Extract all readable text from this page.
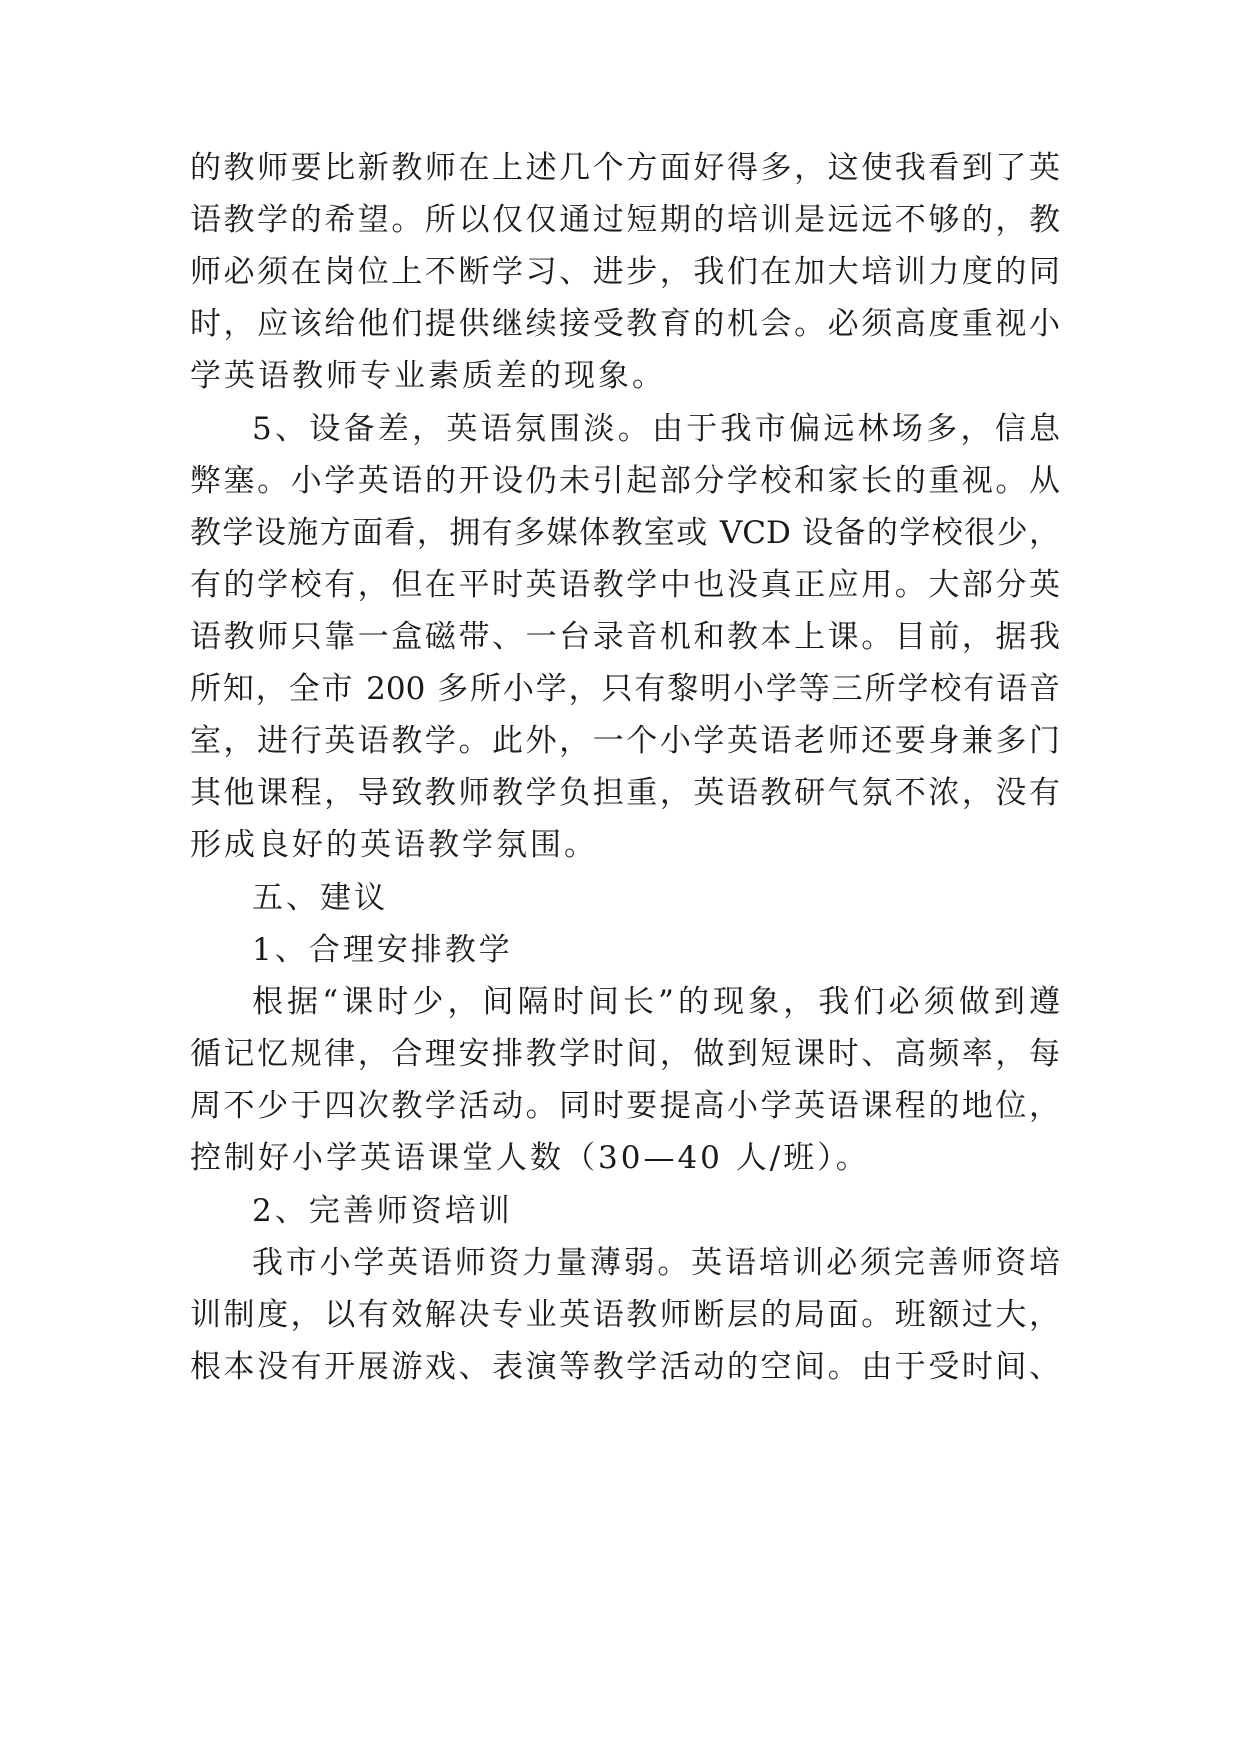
的教师要比新教师在上述几个方面好得多，这使我看到了英
语教学的希望。所以仅仅通过短期的培训是远远不够的，教
师必须在岗位上不断学习、进步，我们在加大培训力度的同
时，应该给他们提供继续接受教育的机会。必须高度重视小
学英语教师专业素质差的现象。
5、设备差，英语氛围淡。由于我市偏远林场多，信息
弊塞。小学英语的开设仍未引起部分学校和家长的重视。从
教学设施方面看，拥有多媒体教室或 VCD 设备的学校很少，
有的学校有，但在平时英语教学中也没真正应用。大部分英
语教师只靠一盒磁带、一台录音机和教本上课。目前，据我
所知，全市 200 多所小学，只有黎明小学等三所学校有语音
室，进行英语教学。此外，一个小学英语老师还要身兼多门
其他课程，导致教师教学负担重，英语教研气氛不浓，没有
形成良好的英语教学氛围。
五、建议
1、合理安排教学
根据“课时少，间隔时间长”的现象，我们必须做到遵
循记忆规律，合理安排教学时间，做到短课时、高频率，每
周不少于四次教学活动。同时要提高小学英语课程的地位，
控制好小学英语课堂人数（30—40 人/班）。
2、完善师资培训
我市小学英语师资力量薄弱。英语培训必须完善师资培
训制度，以有效解决专业英语教师断层的局面。班额过大，
根本没有开展游戏、表演等教学活动的空间。由于受时间、
